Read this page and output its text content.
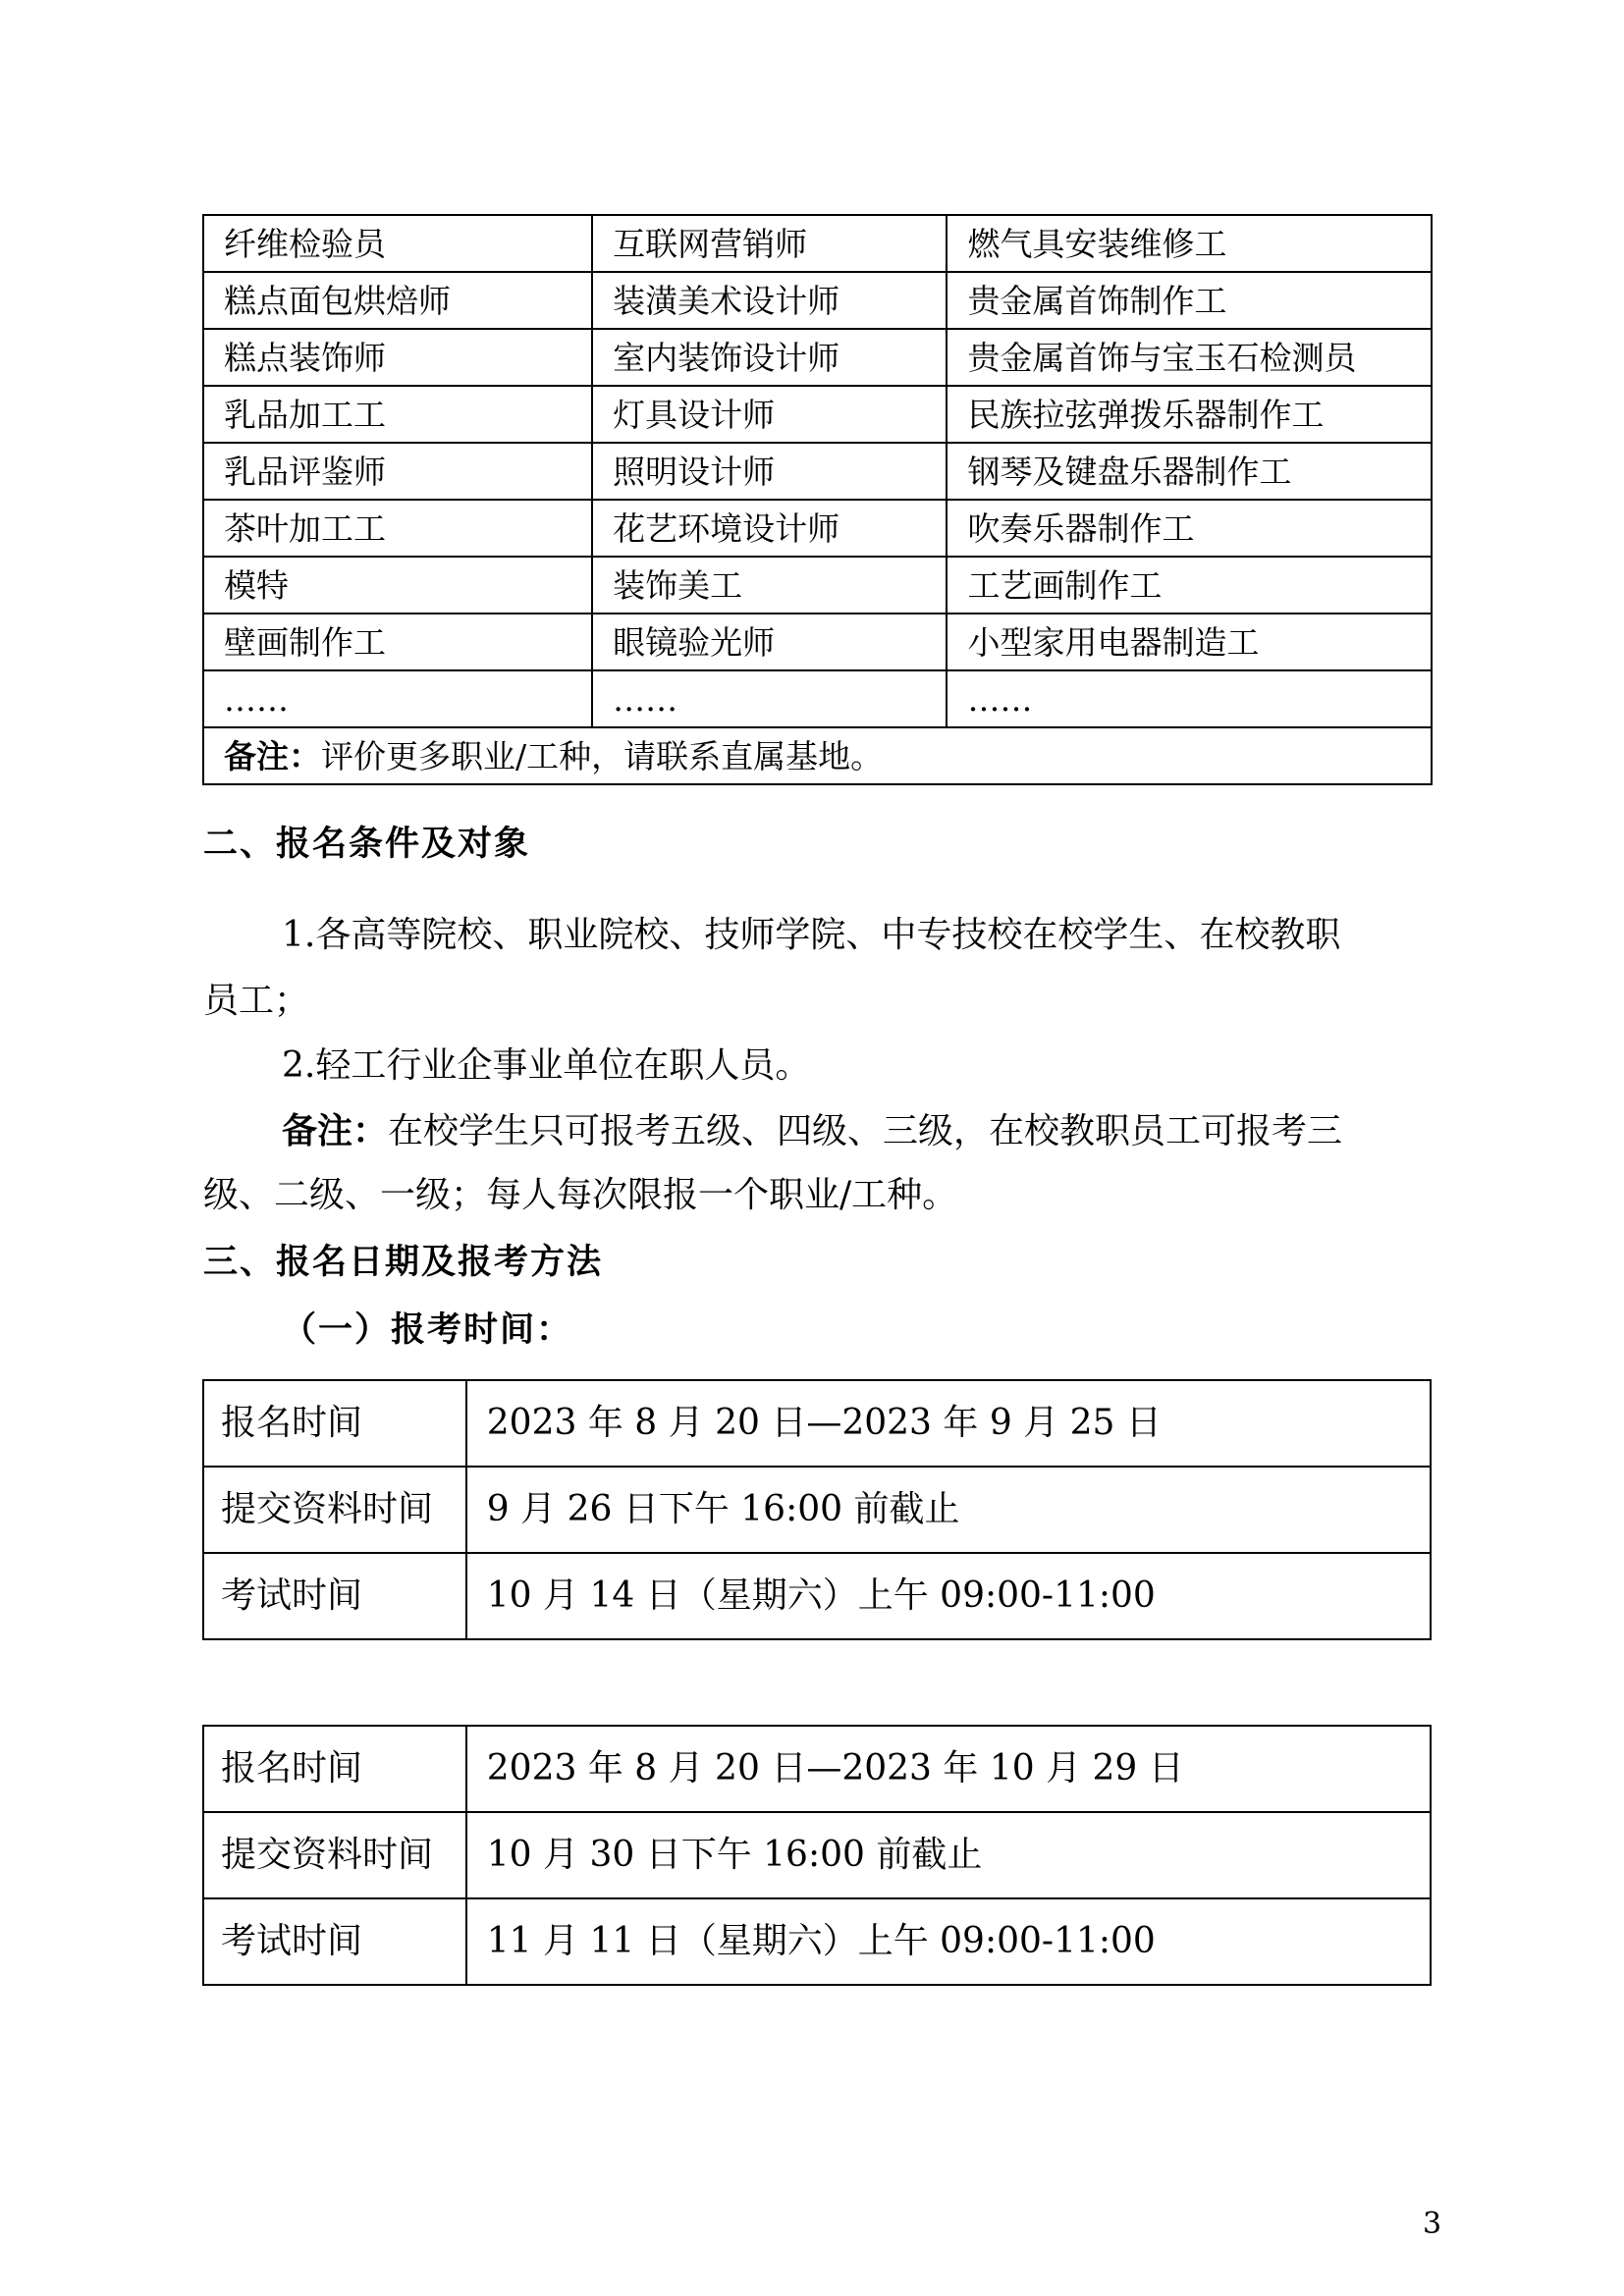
纤维检验员	互联网营销师	燃气具安装维修工
糕点面包烘焙师	装潢美术设计师	贵金属首饰制作工
糕点装饰师	室内装饰设计师	贵金属首饰与宝玉石检测员
乳品加工工	灯具设计师	民族拉弦弹拨乐器制作工
乳品评鉴师	照明设计师	钢琴及键盘乐器制作工
茶叶加工工	花艺环境设计师	吹奏乐器制作工
模特	装饰美工	工艺画制作工
壁画制作工	眼镜验光师	小型家用电器制造工
……	……	……
备注：评价更多职业/工种，请联系直属基地。		
二、报名条件及对象
1.各高等院校、职业院校、技师学院、中专技校在校学生、在校教职
员工；
2.轻工行业企事业单位在职人员。
备注：在校学生只可报考五级、四级、三级，在校教职员工可报考三
级、二级、一级；每人每次限报一个职业/工种。
三、报名日期及报考方法
（一）报考时间：
报名时间	2023 年 8 月 20 日—2023 年 9 月 25 日
提交资料时间	9 月 26 日下午 16:00 前截止
考试时间	10 月 14 日（星期六）上午 09:00-11:00
报名时间	2023 年 8 月 20 日—2023 年 10 月 29 日
提交资料时间	10 月 30 日下午 16:00 前截止
考试时间	11 月 11 日（星期六）上午 09:00-11:00
3
